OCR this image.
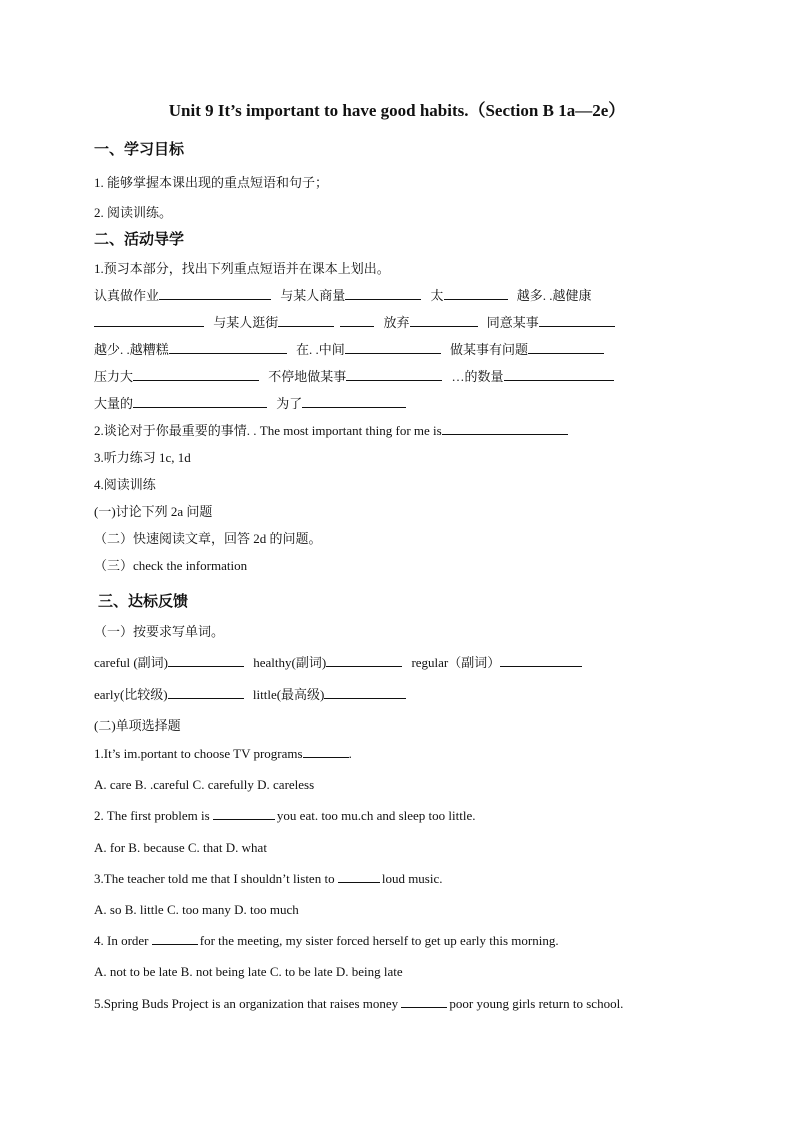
Unit 9 It’s important to have good habits.（Section B 1a—2e）
一、学习目标
1. 能够掌握本课出现的重点短语和句子；
2. 阅读训练。
二、活动导学
1.预习本部分，找出下列重点短语并在课本上划出。
认真做作业	与某人商量	太	越多. .越健康
与某人逛街	放弃	同意某事
越少. .越糟糕	在. .中间	做某事有问题
压力大	不停地做某事	…的数量
大量的	为了
2.谈论对于你最重要的事情. . The most important thing for me is
3.听力练习 1c, 1d
4.阅读训练
(一)讨论下列 2a 问题
（二）快速阅读文章，回答 2d 的问题。
（三）check the information
三、达标反馈
（一）按要求写单词。
careful (副词)	healthy(副词)	regular（副词）
early(比较级)	little(最高级)
(二)单项选择题
1.It’s im.portant to choose TV programs	.
A. care B. .careful C. carefully D. careless
2. The first problem is	you eat. too mu.ch and sleep too little.
A. for B. because C. that D. what
3.The teacher told me that I shouldn’t listen to	loud music.
A. so B. little C. too many D. too much
4. In order	for the meeting, my sister forced herself to get up early this morning.
A. not to be late B. not being late C. to be late D. being late
5.Spring Buds Project is an organization that raises money	poor young girls return to school.
